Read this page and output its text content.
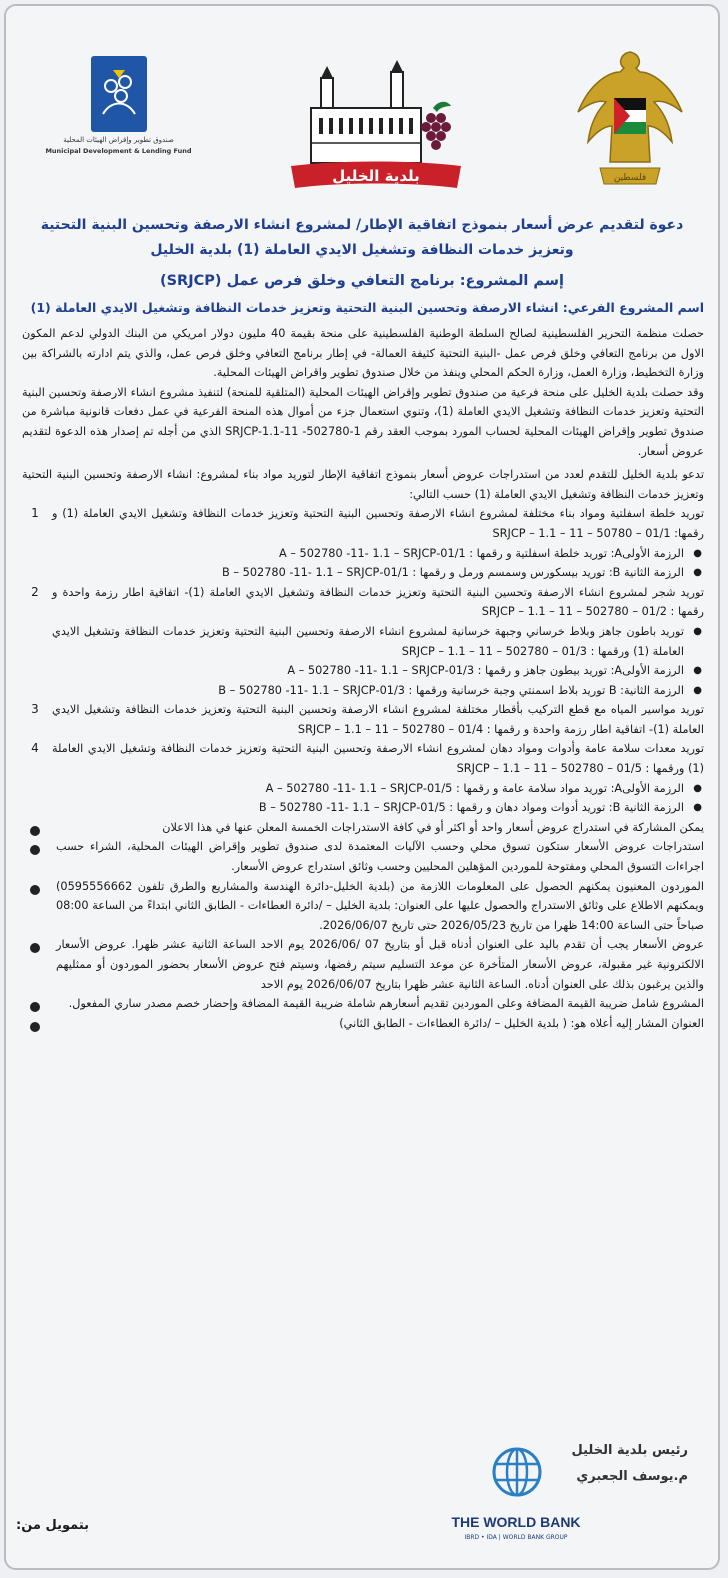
فلسطين
بلدية الخليل
صندوق تطوير وإقراض الهيئات المحلية
Municipal Development & Lending Fund
دعوة لتقديم عرض أسعار بنموذج اتفاقية الإطار/ لمشروع انشاء الارصفة وتحسين البنية التحتية
وتعزيز خدمات النظافة وتشغيل الايدي العاملة (1) بلدية الخليل
إسم المشروع: برنامج التعافي وخلق فرص عمل (SRJCP)
اسم المشروع الفرعي: انشاء الارصفة وتحسين البنية التحتية وتعزيز خدمات النظافة وتشغيل الايدي العاملة (1)

حصلت منظمة التحرير الفلسطينية لصالح السلطة الوطنية الفلسطينية على منحة بقيمة 40 مليون دولار امريكي من البنك الدولي لدعم المكون الاول من برنامج التعافي وخلق فرص عمل -البنية التحتية كثيفة العمالة- في إطار برنامج التعافي وخلق فرص عمل، والذي يتم ادارته بالشراكة بين وزارة التخطيط، وزارة العمل، وزارة الحكم المحلي وينفذ من خلال صندوق تطوير واقراض الهيئات المحلية.

وقد حصلت بلدية الخليل على منحة فرعية من صندوق تطوير وإقراض الهيئات المحلية (المتلقية للمنحة) لتنفيذ مشروع انشاء الارصفة وتحسين البنية التحتية وتعزيز خدمات النظافة وتشغيل الايدي العاملة (1)، وتنوي استعمال جزء من أموال هذه المنحة الفرعية في عمل دفعات قانونية مباشرة من صندوق تطوير وإقراض الهيئات المحلية لحساب المورد بموجب العقد رقم SRJCP-1.1-11 -502780-1 الذي من أجله تم إصدار هذه الدعوة لتقديم عروض أسعار.

تدعو بلدية الخليل للتقدم لعدد من استدراجات عروض أسعار بنموذج اتفاقية الإطار لتوريد مواد بناء لمشروع: انشاء الارصفة وتحسين البنية التحتية وتعزيز خدمات النظافة وتشغيل الايدي العاملة (1) حسب التالي:

1	توريد خلطة اسفلتية ومواد بناء مختلفة لمشروع انشاء الارصفة وتحسين البنية التحتية وتعزيز خدمات النظافة وتشغيل الايدي العاملة (1) و رقمها: 01/1 – 50780 – 11 – 1.1 – SRJCP
● الرزمة الأولىA: توريد خلطة اسفلتية و رقمها : 01/1-A – 502780 -11- 1.1 – SRJCP
● الرزمة الثانية B: توريد بيسكورس وسمسم ورمل و رقمها : 01/1-B – 502780 -11- 1.1 – SRJCP
2	توريد شجر لمشروع انشاء الارصفة وتحسين البنية التحتية وتعزيز خدمات النظافة وتشغيل الايدي العاملة (1)- اتفاقية اطار رزمة واحدة و رقمها : 01/2 – 502780 – 11 – 1.1 – SRJCP
● توريد باطون جاهز وبلاط خرساني وجبهة خرسانية لمشروع انشاء الارصفة وتحسين البنية التحتية وتعزيز خدمات النظافة وتشغيل الايدي العاملة (1) ورقمها : 01/3 – 502780 – 11 – 1.1 – SRJCP
● الرزمة الأولىA: توريد بيطون جاهز و رقمها : 01/3-A – 502780 -11- 1.1 – SRJCP
● الرزمة الثانية: B توريد بلاط اسمنتي وجبة خرسانية ورقمها : 01/3-B – 502780 -11- 1.1 – SRJCP
3	توريد مواسير المياه مع قطع التركيب بأقطار مختلفة لمشروع انشاء الارصفة وتحسين البنية التحتية وتعزيز خدمات النظافة وتشغيل الايدي العاملة (1)- اتفاقية اطار رزمة واحدة و رقمها : 01/4 – 502780 – 11 – 1.1 – SRJCP
4	توريد معدات سلامة عامة وأدوات ومواد دهان لمشروع انشاء الارصفة وتحسين البنية التحتية وتعزيز خدمات النظافة وتشغيل الايدي العاملة (1) ورقمها : 01/5 – 502780 – 11 – 1.1 – SRJCP
● الرزمة الأولىA: توريد مواد سلامة عامة و رقمها : 01/5-A – 502780 -11- 1.1 – SRJCP
● الرزمة الثانية B: توريد أدوات ومواد دهان و رقمها : 01/5-B – 502780 -11- 1.1 – SRJCP
يمكن المشاركة في استدراج عروض أسعار واحد أو اكثر أو في كافة الاستدراجات الخمسة المعلن عنها في هذا الاعلان
استدراجات عروض الأسعار ستكون تسوق محلي وحسب الآليات المعتمدة لدى صندوق تطوير وإقراض الهيئات المحلية، الشراء حسب اجراءات التسوق المحلي ومفتوحة للموردين المؤهلين المحليين وحسب وثائق استدراج عروض الأسعار.
الموردون المعنيون يمكنهم الحصول على المعلومات اللازمة من (بلدية الخليل-دائرة الهندسة والمشاريع والطرق تلفون 0595556662) ويمكنهم الاطلاع على وثائق الاستدراج والحصول عليها على العنوان: بلدية الخليل – /دائرة العطاءات - الطابق الثاني ابتداءً من الساعة 08:00 صباحاً حتى الساعة 14:00 ظهرا من تاريخ 2026/05/23 حتى تاريخ 2026/06/07.
عروض الأسعار يجب أن تقدم باليد على العنوان أدناه قبل أو بتاريخ 07 /2026/06 يوم الاحد الساعة الثانية عشر ظهرا. عروض الأسعار الالكترونية غير مقبولة، عروض الأسعار المتأخرة عن موعد التسليم سيتم رفضها، وسيتم فتح عروض الأسعار بحضور الموردون أو ممثليهم والذين يرغبون بذلك على العنوان أدناه. الساعة الثانية عشر ظهرا بتاريخ 2026/06/07 يوم الاحد
المشروع شامل ضريبة القيمة المضافة وعلى الموردين تقديم أسعارهم شاملة ضريبة القيمة المضافة وإحضار خصم مصدر ساري المفعول.
العنوان المشار إليه أعلاه هو: ( بلدية الخليل – /دائرة العطاءات - الطابق الثاني)
رئيس بلدية الخليل
م.يوسف الجعبري
THE WORLD BANK
IBRD • IDA | WORLD BANK GROUP
بتمويل من:
